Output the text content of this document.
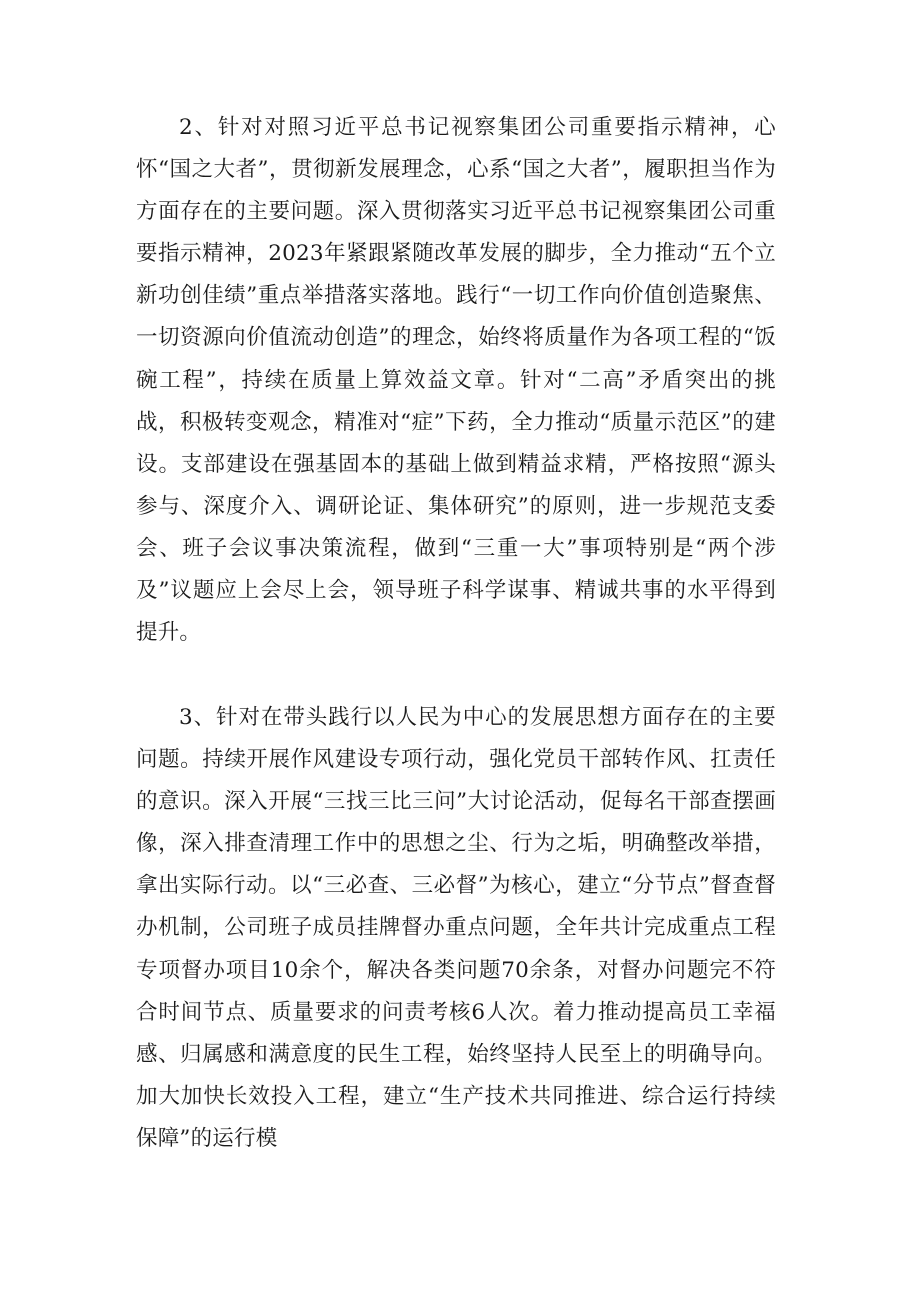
2、针对对照习近平总书记视察集团公司重要指示精神，心怀“国之大者”，贯彻新发展理念，心系“国之大者”，履职担当作为方面存在的主要问题。深入贯彻落实习近平总书记视察集团公司重要指示精神，2023年紧跟紧随改革发展的脚步，全力推动“五个立新功创佳绩”重点举措落实落地。践行“一切工作向价值创造聚焦、一切资源向价值流动创造”的理念，始终将质量作为各项工程的“饭碗工程”，持续在质量上算效益文章。针对“二高”矛盾突出的挑战，积极转变观念，精准对“症”下药，全力推动“质量示范区”的建设。支部建设在强基固本的基础上做到精益求精，严格按照“源头参与、深度介入、调研论证、集体研究”的原则，进一步规范支委会、班子会议事决策流程，做到“三重一大”事项特别是“两个涉及”议题应上会尽上会，领导班子科学谋事、精诚共事的水平得到提升。

3、针对在带头践行以人民为中心的发展思想方面存在的主要问题。持续开展作风建设专项行动，强化党员干部转作风、扛责任的意识。深入开展“三找三比三问”大讨论活动，促每名干部查摆画像，深入排查清理工作中的思想之尘、行为之垢，明确整改举措，拿出实际行动。以“三必查、三必督”为核心，建立“分节点”督查督办机制，公司班子成员挂牌督办重点问题，全年共计完成重点工程专项督办项目10余个，解决各类问题70余条，对督办问题完不符合时间节点、质量要求的问责考核6人次。着力推动提高员工幸福感、归属感和满意度的民生工程，始终坚持人民至上的明确导向。加大加快长效投入工程，建立“生产技术共同推进、综合运行持续保障”的运行模
